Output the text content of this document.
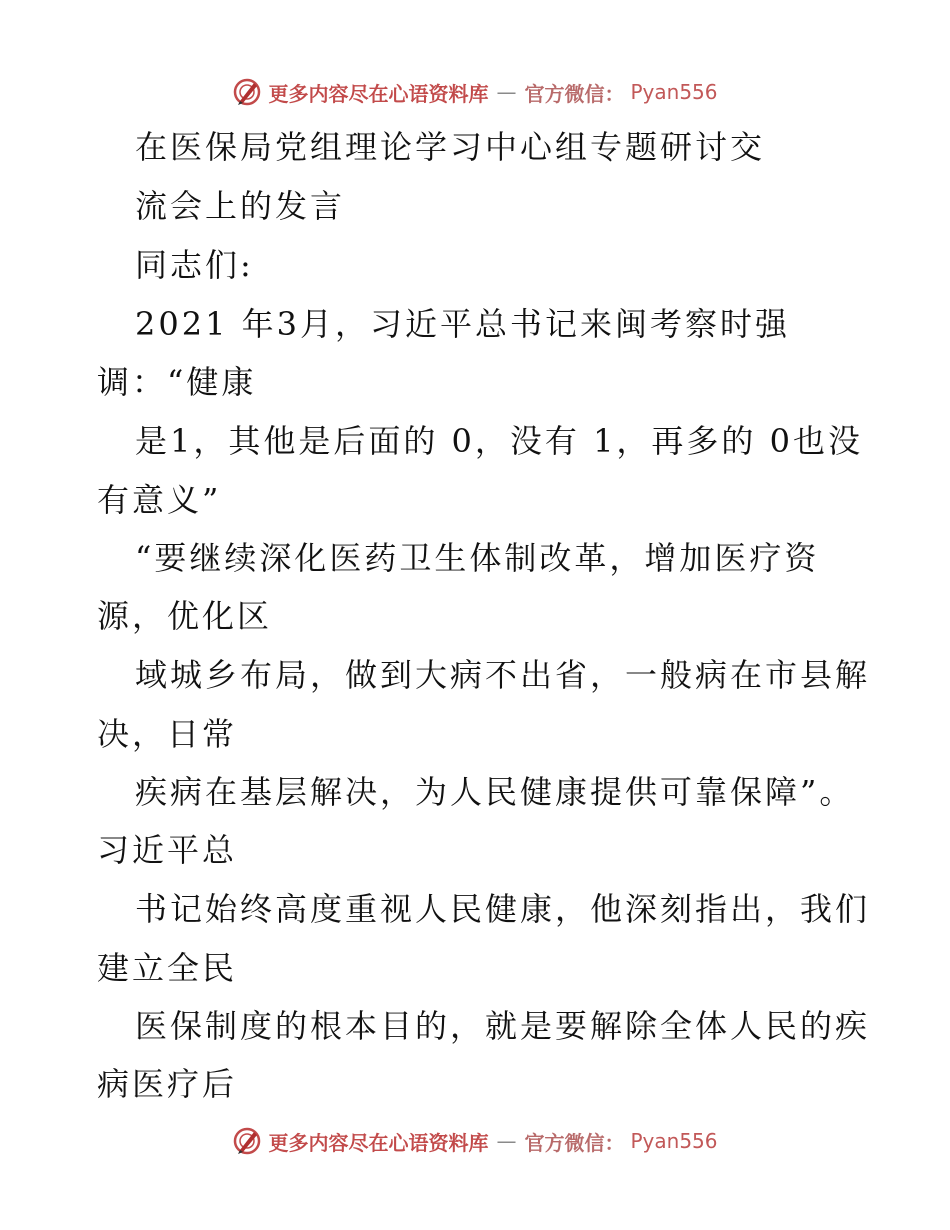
更多内容尽在心语资料库 — 官方微信： Pyan556
在医保局党组理论学习中心组专题研讨交
流会上的发言
同志们:
2021 年3月，习近平总书记来闽考察时强
调：“健康
是1，其他是后面的 0，没有 1，再多的 0也没
有意义”
“要继续深化医药卫生体制改革，增加医疗资
源，优化区
域城乡布局，做到大病不出省，一般病在市县解
决，日常
疾病在基层解决，为人民健康提供可靠保障”。
习近平总
书记始终高度重视人民健康，他深刻指出，我们
建立全民
医保制度的根本目的，就是要解除全体人民的疾
病医疗后
更多内容尽在心语资料库 — 官方微信： Pyan556
